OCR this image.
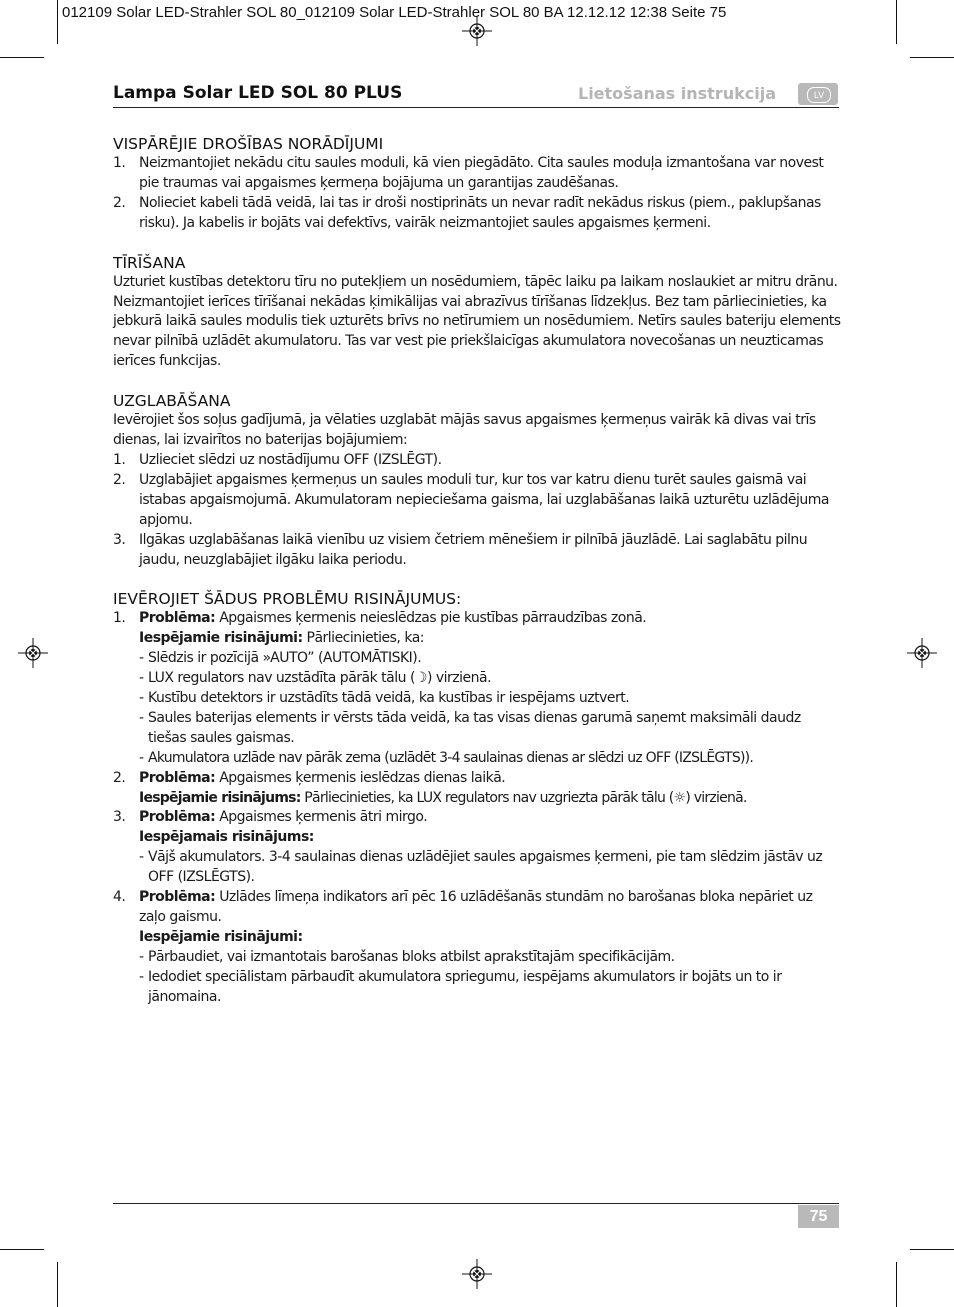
012109 Solar LED-Strahler SOL 80_012109 Solar LED-Strahler SOL 80 BA 12.12.12 12:38 Seite 75
Lampa Solar LED SOL 80 PLUS	Lietošanas instrukcija	LV
VISPĀRĒJIE DROŠĪBAS NORĀDĪJUMI
1. Neizmantojiet nekādu citu saules moduli, kā vien piegādāto. Cita saules moduļa izmantošana var novest pie traumas vai apgaismes ķermeņa bojājuma un garantijas zaudēšanas.
2. Nolieciet kabeli tādā veidā, lai tas ir droši nostiprināts un nevar radīt nekādus riskus (piem., paklupšanas risku). Ja kabelis ir bojāts vai defektīvs, vairāk neizmantojiet saules apgaismes ķermeni.
TĪRĪŠANA

Uzturiet kustības detektoru tīru no putekļiem un nosēdumiem, tāpēc laiku pa laikam noslaukiet ar mitru drānu. Neizmantojiet ierīces tīrīšanai nekādas ķimikālijas vai abrazīvus tīrīšanas līdzekļus. Bez tam pārliecinieties, ka jebkurā laikā saules modulis tiek uzturēts brīvs no netīrumiem un nosēdumiem. Netīrs saules bateriju elements nevar pilnībā uzlādēt akumulatoru. Tas var vest pie priekšlaicīgas akumulatora novecošanas un neuzticamas ierīces funkcijas.

UZGLABĀŠANA

Ievērojiet šos soļus gadījumā, ja vēlaties uzglabāt mājās savus apgaismes ķermeņus vairāk kā divas vai trīs dienas, lai izvairītos no baterijas bojājumiem:

1. Uzlieciet slēdzi uz nostādījumu OFF (IZSLĒGT).
2. Uzglabājiet apgaismes ķermeņus un saules moduli tur, kur tos var katru dienu turēt saules gaismā vai istabas apgaismojumā. Akumulatoram nepieciešama gaisma, lai uzglabāšanas laikā uzturētu uzlādējuma apjomu.
3. Ilgākas uzglabāšanas laikā vienību uz visiem četriem mēnešiem ir pilnībā jāuzlādē. Lai saglabātu pilnu jaudu, neuzglabājiet ilgāku laika periodu.
IEVĒROJIET ŠĀDUS PROBLĒMU RISINĀJUMUS:
1. Problēma: Apgaismes ķermenis neieslēdzas pie kustības pārraudzības zonā.
Iespējamie risinājumi: Pārliecinieties, ka:
- Slēdzis ir pozīcijā »AUTO” (AUTOMĀTISKI).
- LUX regulators nav uzstādīta pārāk tālu (☽) virzienā.
- Kustību detektors ir uzstādīts tādā veidā, ka kustības ir iespējams uztvert.
- Saules baterijas elements ir vērsts tāda veidā, ka tas visas dienas garumā saņemt maksimāli daudz tiešas saules gaismas.
- Akumulatora uzlāde nav pārāk zema (uzlādēt 3-4 saulainas dienas ar slēdzi uz OFF (IZSLĒGTS)).
2. Problēma: Apgaismes ķermenis ieslēdzas dienas laikā.
Iespējamie risinājums: Pārliecinieties, ka LUX regulators nav uzgriezta pārāk tālu (☼) virzienā.
3. Problēma: Apgaismes ķermenis ātri mirgo.
Iespējamais risinājums:
- Vājš akumulators. 3-4 saulainas dienas uzlādējiet saules apgaismes ķermeni, pie tam slēdzim jāstāv uz OFF (IZSLĒGTS).
4. Problēma: Uzlādes līmeņa indikators arī pēc 16 uzlādēšanās stundām no barošanas bloka nepāriet uz zaļo gaismu.
Iespējamie risinājumi:
- Pārbaudiet, vai izmantotais barošanas bloks atbilst aprakstītajām specifikācijām.
- Iedodiet speciālistam pārbaudīt akumulatora spriegumu, iespējams akumulators ir bojāts un to ir jānomaina.
75
